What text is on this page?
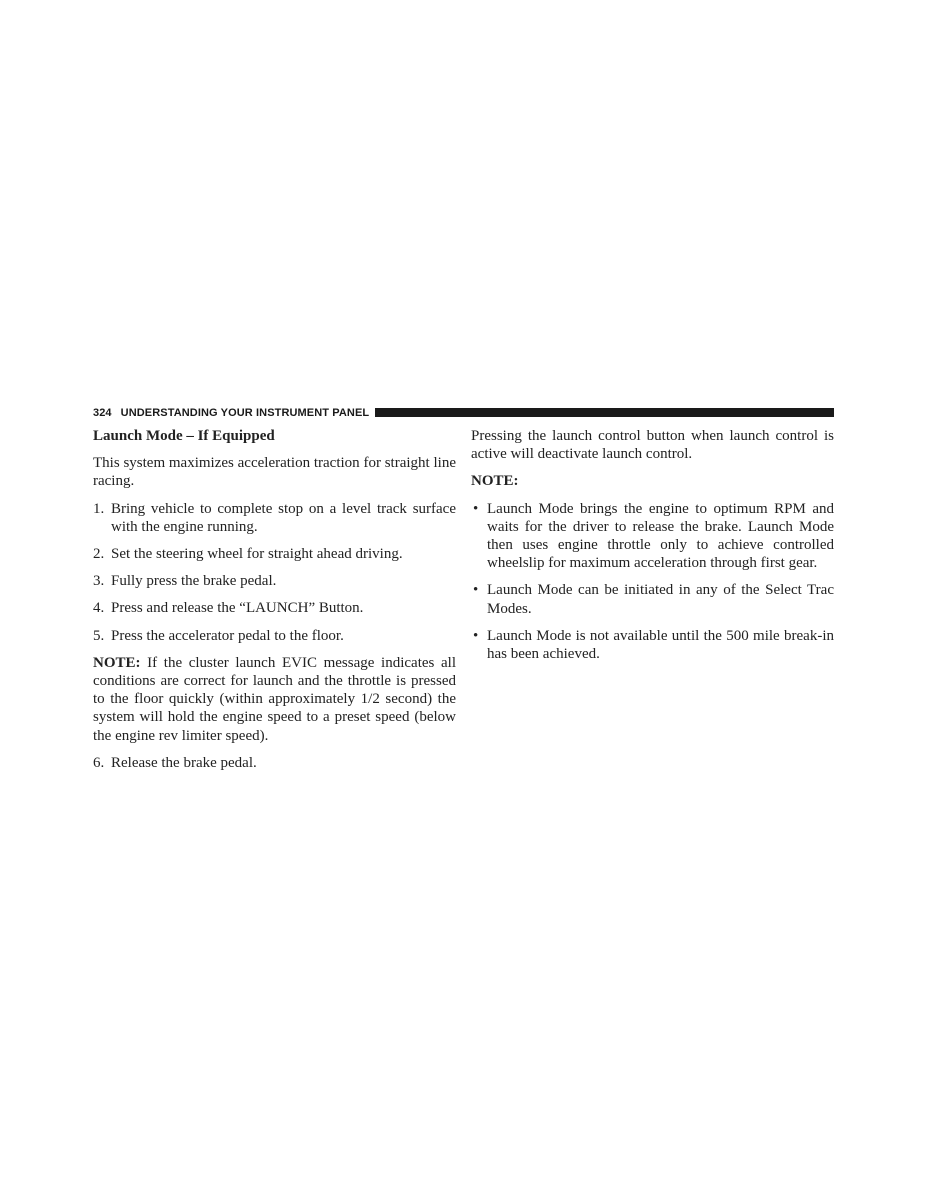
324 UNDERSTANDING YOUR INSTRUMENT PANEL

Launch Mode – If Equipped

This system maximizes acceleration traction for straight line racing.

1. Bring vehicle to complete stop on a level track surface with the engine running.
2. Set the steering wheel for straight ahead driving.
3. Fully press the brake pedal.
4. Press and release the “LAUNCH” Button.
5. Press the accelerator pedal to the floor.

NOTE: If the cluster launch EVIC message indicates all conditions are correct for launch and the throttle is pressed to the floor quickly (within approximately 1/2 second) the system will hold the engine speed to a preset speed (below the engine rev limiter speed).

6. Release the brake pedal.

Pressing the launch control button when launch control is active will deactivate launch control.

NOTE:

• Launch Mode brings the engine to optimum RPM and waits for the driver to release the brake. Launch Mode then uses engine throttle only to achieve controlled wheelslip for maximum acceleration through first gear.
• Launch Mode can be initiated in any of the Select Trac Modes.
• Launch Mode is not available until the 500 mile break-in has been achieved.
